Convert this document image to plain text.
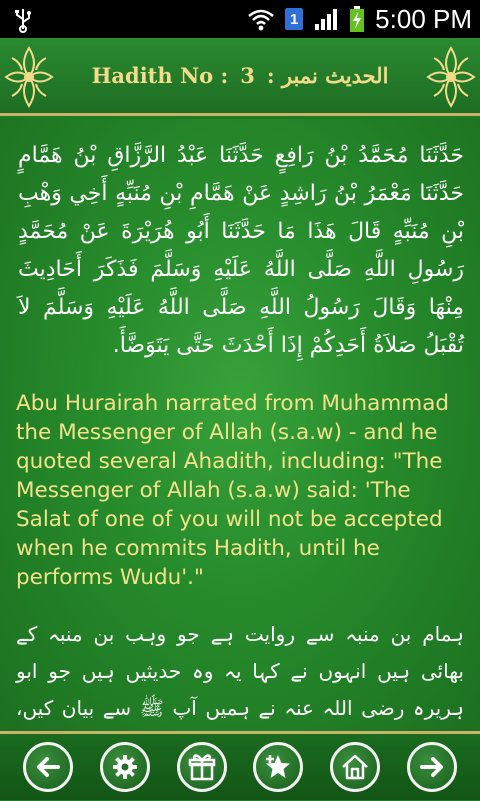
1	5:00 PM
Hadith No : 3 : الحدیث نمبر
حَدَّثَنَا مُحَمَّدُ بْنُ رَافِعٍ حَدَّثَنَا عَبْدُ الرَّزَّاقِ بْنُ هَمَّامٍ حَدَّثَنَا مَعْمَرُ بْنُ رَاشِدٍ عَنْ هَمَّامِ بْنِ مُنَبِّهٍ أَخِي وَهْبِ بْنِ مُنَبِّهٍ قَالَ هَذَا مَا حَدَّثَنَا أَبُو هُرَيْرَةَ عَنْ مُحَمَّدٍ رَسُولِ اللَّهِ صَلَّى اللَّهُ عَلَيْهِ وَسَلَّمَ فَذَكَرَ أَحَادِيثَ مِنْهَا وَقَالَ رَسُولُ اللَّهِ صَلَّى اللَّهُ عَلَيْهِ وَسَلَّمَ لاَ تُقْبَلُ صَلاَةُ أَحَدِكُمْ إِذَا أَحْدَثَ حَتَّى يَتَوَضَّأَ.
Abu Hurairah narrated from Muhammad the Messenger of Allah (s.a.w) - and he quoted several Ahadith, including: "The Messenger of Allah (s.a.w) said: 'The Salat of one of you will not be accepted when he commits Hadith, until he performs Wudu'."
ہمام بن منبہ سے روایت ہے جو وہب بن منبہ کے بھائی ہیں انہوں نے کہا یہ وہ حدیثیں ہیں جو ابو ہریرہ رضی اللہ عنہ نے ہمیں آپ ﷺ سے بیان کیں،
